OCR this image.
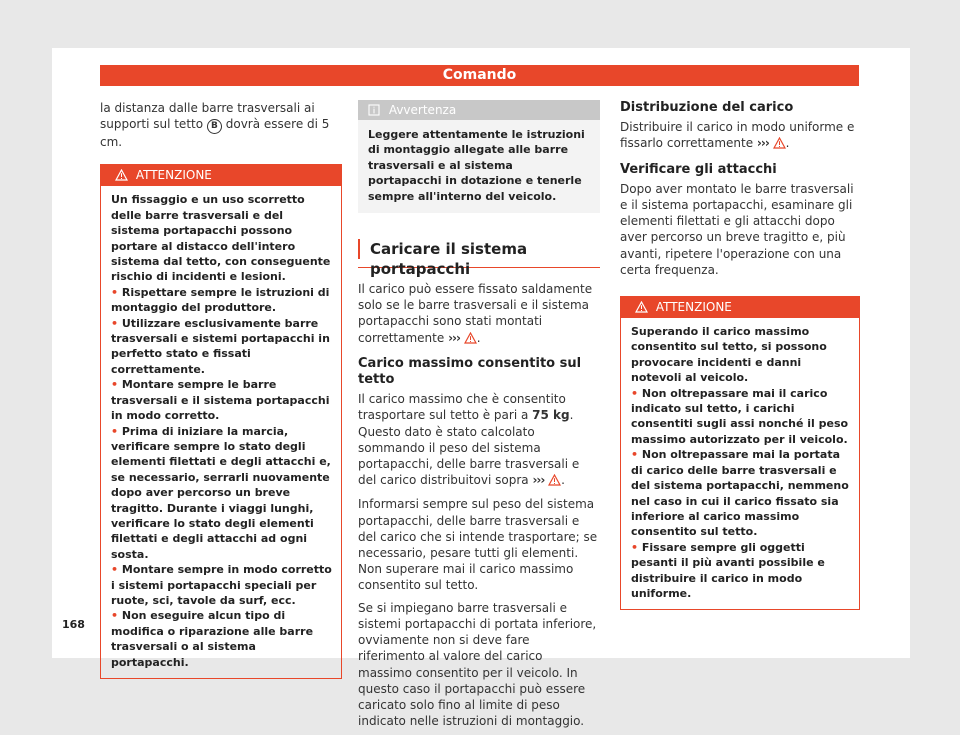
Comando

la distanza dalle barre trasversali ai supporti sul tetto B dovrà essere di 5 cm.

ATTENZIONE

Un fissaggio e un uso scorretto delle barre trasversali e del sistema portapacchi possono portare al distacco dell'intero sistema dal tetto, con conseguente rischio di incidenti e lesioni.

• Rispettare sempre le istruzioni di montaggio del produttore.

• Utilizzare esclusivamente barre trasversali e sistemi portapacchi in perfetto stato e fissati correttamente.

• Montare sempre le barre trasversali e il sistema portapacchi in modo corretto.

• Prima di iniziare la marcia, verificare sempre lo stato degli elementi filettati e degli attacchi e, se necessario, serrarli nuovamente dopo aver percorso un breve tragitto. Durante i viaggi lunghi, verificare lo stato degli elementi filettati e degli attacchi ad ogni sosta.

• Montare sempre in modo corretto i sistemi portapacchi speciali per ruote, sci, tavole da surf, ecc.

• Non eseguire alcun tipo di modifica o riparazione alle barre trasversali o al sistema portapacchi.

Avvertenza
Leggere attentamente le istruzioni di montaggio allegate alle barre trasversali e al sistema portapacchi in dotazione e tenerle sempre all'interno del veicolo.
Caricare il sistema portapacchi

Il carico può essere fissato saldamente solo se le barre trasversali e il sistema portapacchi sono stati montati correttamente ››› .

Carico massimo consentito sul tetto

Il carico massimo che è consentito trasportare sul tetto è pari a 75 kg. Questo dato è stato calcolato sommando il peso del sistema portapacchi, delle barre trasversali e del carico distribuitovi sopra ››› .

Informarsi sempre sul peso del sistema portapacchi, delle barre trasversali e del carico che si intende trasportare; se necessario, pesare tutti gli elementi. Non superare mai il carico massimo consentito sul tetto.

Se si impiegano barre trasversali e sistemi portapacchi di portata inferiore, ovviamente non si deve fare riferimento al valore del carico massimo consentito per il veicolo. In questo caso il portapacchi può essere caricato solo fino al limite di peso indicato nelle istruzioni di montaggio.

Distribuzione del carico

Distribuire il carico in modo uniforme e fissarlo correttamente ››› .

Verificare gli attacchi

Dopo aver montato le barre trasversali e il sistema portapacchi, esaminare gli elementi filettati e gli attacchi dopo aver percorso un breve tragitto e, più avanti, ripetere l'operazione con una certa frequenza.

ATTENZIONE

Superando il carico massimo consentito sul tetto, si possono provocare incidenti e danni notevoli al veicolo.

• Non oltrepassare mai il carico indicato sul tetto, i carichi consentiti sugli assi nonché il peso massimo autorizzato per il veicolo.

• Non oltrepassare mai la portata di carico delle barre trasversali e del sistema portapacchi, nemmeno nel caso in cui il carico fissato sia inferiore al carico massimo consentito sul tetto.

• Fissare sempre gli oggetti pesanti il più avanti possibile e distribuire il carico in modo uniforme.

168
